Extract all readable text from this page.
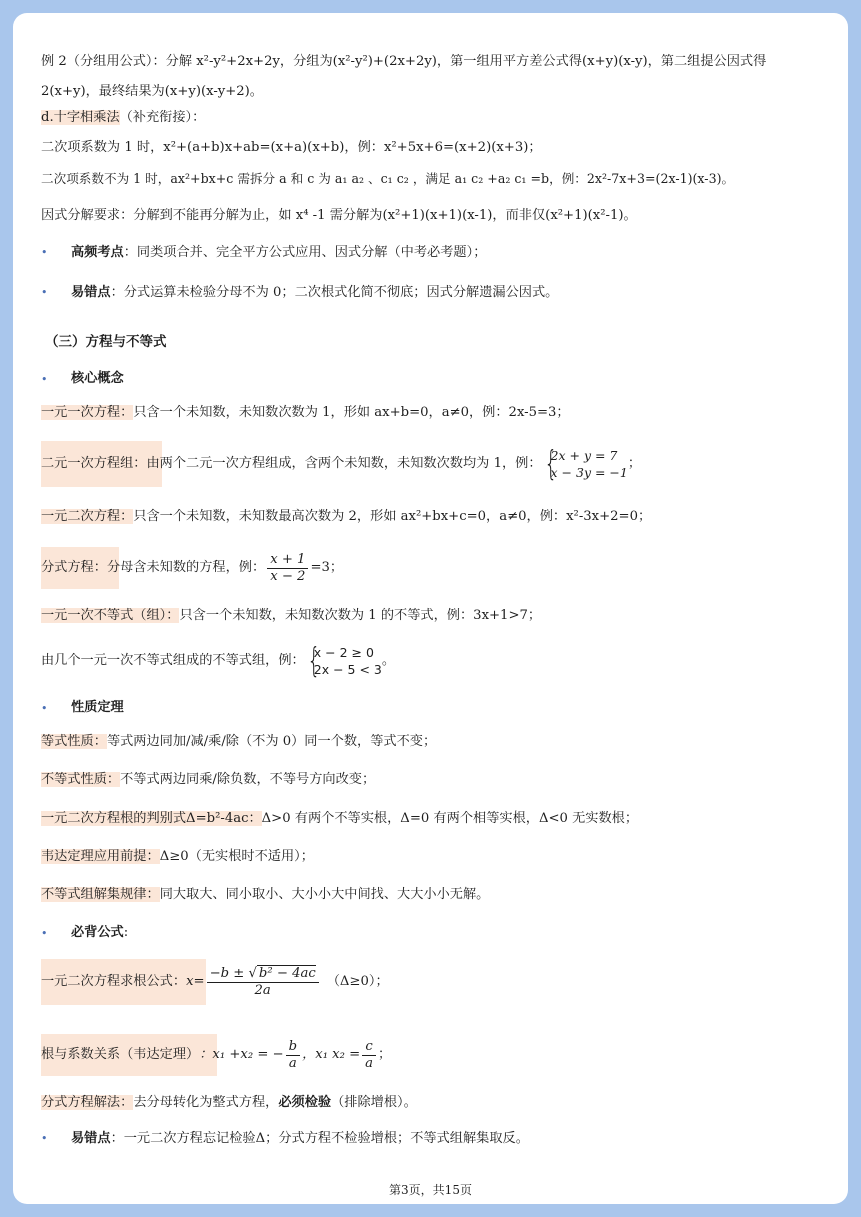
例 2（分组用公式）：分解 x²-y²+2x+2y，分组为(x²-y²)+(2x+2y)，第一组用平方差公式得(x+y)(x-y)，第二组提公因式得
2(x+y)，最终结果为(x+y)(x-y+2)。
d.十字相乘法（补充衔接）：
二次项系数为 1 时，x²+(a+b)x+ab=(x+a)(x+b)，例：x²+5x+6=(x+2)(x+3)；
二次项系数不为 1 时，ax²+bx+c 需拆分 a 和 c 为 a₁ a₂ 、c₁ c₂ ，满足 a₁ c₂ +a₂ c₁ =b，例：2x²-7x+3=(2x-1)(x-3)。
因式分解要求：分解到不能再分解为止，如 x⁴ -1 需分解为(x²+1)(x+1)(x-1)，而非仅(x²+1)(x²-1)。
• 高频考点：同类项合并、完全平方公式应用、因式分解（中考必考题）；
• 易错点：分式运算未检验分母不为 0；二次根式化简不彻底；因式分解遗漏公因式。
（三）方程与不等式
• 核心概念
一元一次方程：只含一个未知数，未知数次数为 1，形如 ax+b=0，a≠0，例：2x-5=3；
二元一次方程组： 由两个二元一次方程组成，含两个未知数，未知数次数均为 1，例：
{ 2x + y = 7
x − 3y = −1
；
一元二次方程：只含一个未知数，未知数最高次数为 2，形如 ax²+bx+c=0，a≠0，例：x²-3x+2=0；
分式方程： 分母含未知数的方程，例： $\frac{x + 1}{x - 2} =3$；
一元一次不等式（组）：只含一个未知数，未知数次数为 1 的不等式，例：3x+1>7；
由几个一元一次不等式组成的不等式组，例：
{ x − 2 ≥ 0
2x − 5 < 3
。
• 性质定理
等式性质：等式两边同加/减/乘/除（不为 0）同一个数，等式不变；
不等式性质：不等式两边同乘/除负数，不等号方向改变；
一元二次方程根的判别式Δ=b²-4ac：Δ>0 有两个不等实根，Δ=0 有两个相等实根，Δ<0 无实数根；
韦达定理应用前提：Δ≥0（无实根时不适用）；
不等式组解集规律：同大取大、同小取小、大小小大中间找、大大小小无解。
• 必背公式:
一元二次方程求根公式： $x= \frac{\text{−b ± √ b² − 4ac}}{2a} (\Delta\ge 0)$；
根与系数关系（韦达定理） ：x₁ +x₂ = − $\frac{b}{a}$ ，x₁ $x_2 = \frac{c}{a}$ ；
分式方程解法：去分母转化为整式方程，必须检验（排除增根）。
• 易错点：一元二次方程忘记检验Δ；分式方程不检验增根；不等式组解集取反。
第3页，共15页
